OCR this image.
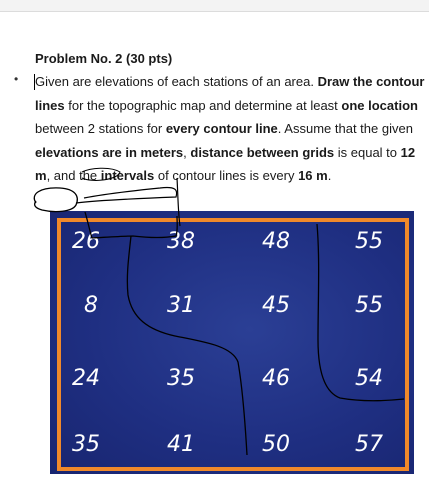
Problem No. 2 (30 pts)
• Given are elevations of each stations of an area. Draw the contour lines for the topographic map and determine at least one location between 2 stations for every contour line. Assume that the given elevations are in meters, distance between grids is equal to 12 m, and the intervals of contour lines is every 16 m.
26	38	48	55
8	31	45	55
24	35	46	54
35	41	50	57
